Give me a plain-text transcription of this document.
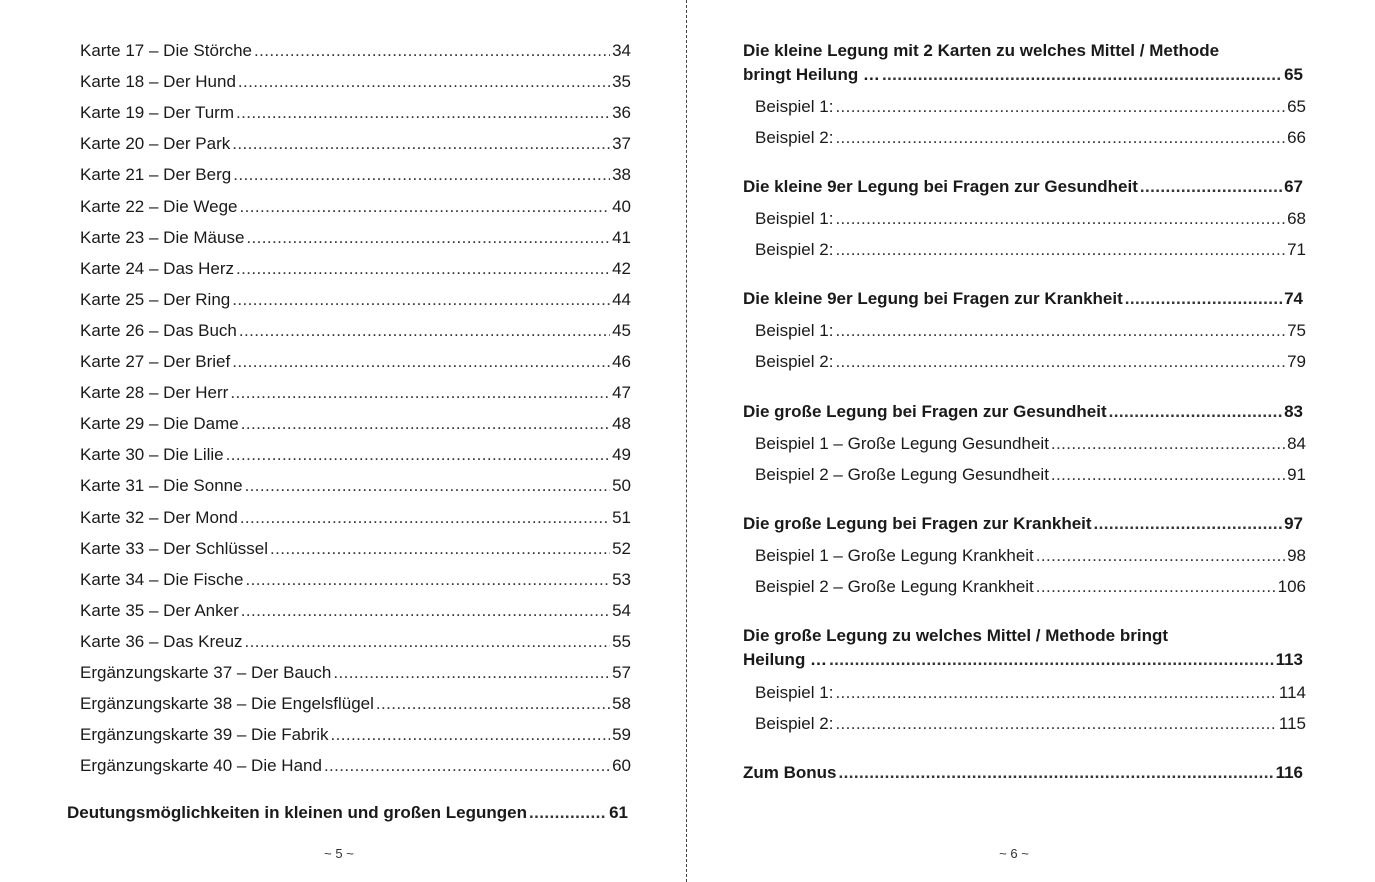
Karte 17 – Die Störche .....	34
Karte 18 – Der Hund .....	35
Karte 19 – Der Turm .....	36
Karte 20 – Der Park .....	37
Karte 21 – Der Berg .....	38
Karte 22 – Die Wege .....	40
Karte 23 – Die Mäuse .....	41
Karte 24 – Das Herz .....	42
Karte 25 – Der Ring .....	44
Karte 26 – Das Buch .....	45
Karte 27 – Der Brief .....	46
Karte 28 – Der Herr .....	47
Karte 29 – Die Dame .....	48
Karte 30 – Die Lilie .....	49
Karte 31 – Die Sonne .....	50
Karte 32 – Der Mond .....	51
Karte 33 – Der Schlüssel .....	52
Karte 34 – Die Fische .....	53
Karte 35 – Der Anker .....	54
Karte 36 – Das Kreuz .....	55
Ergänzungskarte 37 – Der Bauch .....	57
Ergänzungskarte 38 – Die Engelsflügel .....	58
Ergänzungskarte 39 – Die Fabrik .....	59
Ergänzungskarte 40 – Die Hand .....	60
Deutungsmöglichkeiten in kleinen und großen Legungen .....	61
~ 5 ~
Die kleine Legung mit 2 Karten zu welches Mittel / Methode
bringt Heilung … .....	65
Beispiel 1: .....	65
Beispiel 2: .....	66
Die kleine 9er Legung bei Fragen zur Gesundheit .....	67
Beispiel 1: .....	68
Beispiel 2: .....	71
Die kleine 9er Legung bei Fragen zur Krankheit .....	74
Beispiel 1: .....	75
Beispiel 2: .....	79
Die große Legung bei Fragen zur Gesundheit .....	83
Beispiel 1 – Große Legung Gesundheit .....	84
Beispiel 2 – Große Legung Gesundheit .....	91
Die große Legung bei Fragen zur Krankheit .....	97
Beispiel 1 – Große Legung Krankheit .....	98
Beispiel 2 – Große Legung Krankheit .....	106
Die große Legung zu welches Mittel / Methode bringt
Heilung … .....	113
Beispiel 1: .....	114
Beispiel 2: .....	115
Zum Bonus .....	116
~ 6 ~
